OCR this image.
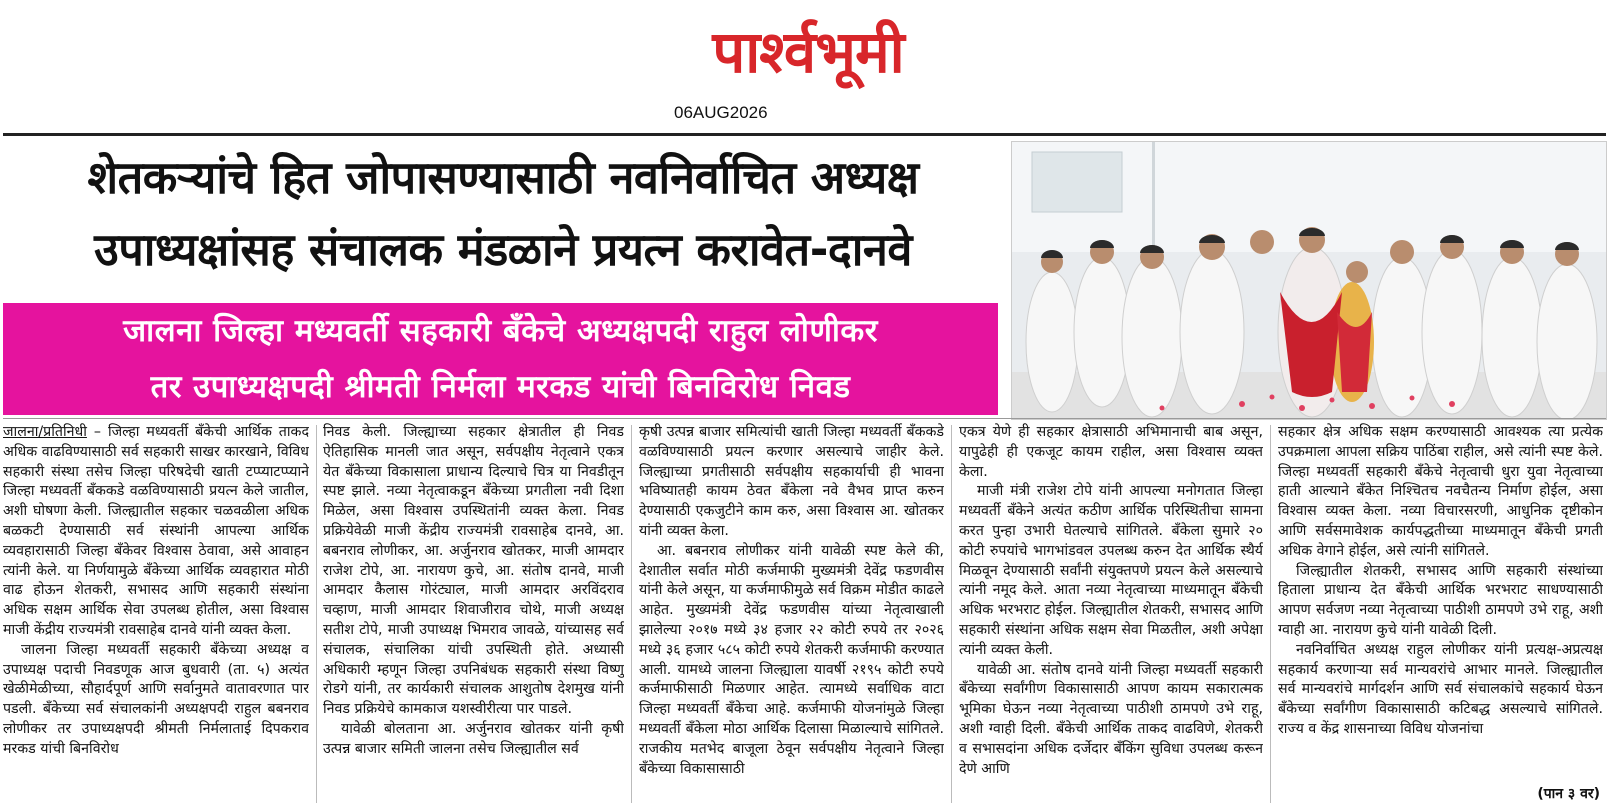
पार्श्वभूमी
06AUG2026
शेतकऱ्यांचे हित जोपासण्यासाठी नवनिर्वाचित अध्यक्ष
उपाध्यक्षांसह संचालक मंडळाने प्रयत्न करावेत-दानवे
जालना जिल्हा मध्यवर्ती सहकारी बँकेचे अध्यक्षपदी राहुल लोणीकर
तर उपाध्यक्षपदी श्रीमती निर्मला मरकड यांची बिनविरोध निवड

जालना/प्रतिनिधी – जिल्हा मध्यवर्ती बँकेची आर्थिक ताकद अधिक वाढविण्यासाठी सर्व सहकारी साखर कारखाने, विविध सहकारी संस्था तसेच जिल्हा परिषदेची खाती टप्प्याटप्प्याने जिल्हा मध्यवर्ती बँककडे वळविण्यासाठी प्रयत्न केले जातील, अशी घोषणा केली. जिल्ह्यातील सहकार चळवळीला अधिक बळकटी देण्यासाठी सर्व संस्थांनी आपल्या आर्थिक व्यवहारासाठी जिल्हा बँकेवर विश्वास ठेवावा, असे आवाहन त्यांनी केले. या निर्णयामुळे बँकेच्या आर्थिक व्यवहारात मोठी वाढ होऊन शेतकरी, सभासद आणि सहकारी संस्थांना अधिक सक्षम आर्थिक सेवा उपलब्ध होतील, असा विश्वास माजी केंद्रीय राज्यमंत्री रावसाहेब दानवे यांनी व्यक्त केला.

जालना जिल्हा मध्यवर्ती सहकारी बँकेच्या अध्यक्ष व उपाध्यक्ष पदाची निवडणूक आज बुधवारी (ता. ५) अत्यंत खेळीमेळीच्या, सौहार्दपूर्ण आणि सर्वानुमते वातावरणात पार पडली. बँकेच्या सर्व संचालकांनी अध्यक्षपदी राहुल बबनराव लोणीकर तर उपाध्यक्षपदी श्रीमती निर्मलाताई दिपकराव मरकड यांची बिनविरोध

निवड केली. जिल्ह्याच्या सहकार क्षेत्रातील ही निवड ऐतिहासिक मानली जात असून, सर्वपक्षीय नेतृत्वाने एकत्र येत बँकेच्या विकासाला प्राधान्य दिल्याचे चित्र या निवडीतून स्पष्ट झाले. नव्या नेतृत्वाकडून बँकेच्या प्रगतीला नवी दिशा मिळेल, असा विश्वास उपस्थितांनी व्यक्त केला. निवड प्रक्रियेवेळी माजी केंद्रीय राज्यमंत्री रावसाहेब दानवे, आ. बबनराव लोणीकर, आ. अर्जुनराव खोतकर, माजी आमदार राजेश टोपे, आ. नारायण कुचे, आ. संतोष दानवे, माजी आमदार कैलास गोरंट्याल, माजी आमदार अरविंदराव चव्हाण, माजी आमदार शिवाजीराव चोथे, माजी अध्यक्ष सतीश टोपे, माजी उपाध्यक्ष भिमराव जावळे, यांच्यासह सर्व संचालक, संचालिका यांची उपस्थिती होते. अध्यासी अधिकारी म्हणून जिल्हा उपनिबंधक सहकारी संस्था विष्णु रोडगे यांनी, तर कार्यकारी संचालक आशुतोष देशमुख यांनी निवड प्रक्रियेचे कामकाज यशस्वीरीत्या पार पाडले.

यावेळी बोलताना आ. अर्जुनराव खोतकर यांनी कृषी उत्पन्न बाजार समिती जालना तसेच जिल्ह्यातील सर्व

कृषी उत्पन्न बाजार समित्यांची खाती जिल्हा मध्यवर्ती बँककडे वळविण्यासाठी प्रयत्न करणार असल्याचे जाहीर केले. जिल्ह्याच्या प्रगतीसाठी सर्वपक्षीय सहकार्याची ही भावना भविष्यातही कायम ठेवत बँकेला नवे वैभव प्राप्त करुन देण्यासाठी एकजुटीने काम करु, असा विश्वास आ. खोतकर यांनी व्यक्त केला.

आ. बबनराव लोणीकर यांनी यावेळी स्पष्ट केले की, देशातील सर्वात मोठी कर्जमाफी मुख्यमंत्री देवेंद्र फडणवीस यांनी केले असून, या कर्जमाफीमुळे सर्व विक्रम मोडीत काढले आहेत. मुख्यमंत्री देवेंद्र फडणवीस यांच्या नेतृत्वाखाली झालेल्या २०१७ मध्ये ३४ हजार २२ कोटी रुपये तर २०२६ मध्ये ३६ हजार ५८५ कोटी रुपये शेतकरी कर्जमाफी करण्यात आली. यामध्ये जालना जिल्ह्याला यावर्षी २१९५ कोटी रुपये कर्जमाफीसाठी मिळणार आहेत. त्यामध्ये सर्वाधिक वाटा जिल्हा मध्यवर्ती बँकेचा आहे. कर्जमाफी योजनांमुळे जिल्हा मध्यवर्ती बँकेला मोठा आर्थिक दिलासा मिळाल्याचे सांगितले. राजकीय मतभेद बाजूला ठेवून सर्वपक्षीय नेतृत्वाने जिल्हा बँकेच्या विकासासाठी

एकत्र येणे ही सहकार क्षेत्रासाठी अभिमानाची बाब असून, यापुढेही ही एकजूट कायम राहील, असा विश्वास व्यक्त केला.

माजी मंत्री राजेश टोपे यांनी आपल्या मनोगतात जिल्हा मध्यवर्ती बँकेने अत्यंत कठीण आर्थिक परिस्थितीचा सामना करत पुन्हा उभारी घेतल्याचे सांगितले. बँकेला सुमारे २० कोटी रुपयांचे भागभांडवल उपलब्ध करुन देत आर्थिक स्थैर्य मिळवून देण्यासाठी सर्वांनी संयुक्तपणे प्रयत्न केले असल्याचे त्यांनी नमूद केले. आता नव्या नेतृत्वाच्या माध्यमातून बँकेची अधिक भरभराट होईल. जिल्ह्यातील शेतकरी, सभासद आणि सहकारी संस्थांना अधिक सक्षम सेवा मिळतील, अशी अपेक्षा त्यांनी व्यक्त केली.

यावेळी आ. संतोष दानवे यांनी जिल्हा मध्यवर्ती सहकारी बँकेच्या सर्वांगीण विकासासाठी आपण कायम सकारात्मक भूमिका घेऊन नव्या नेतृत्वाच्या पाठीशी ठामपणे उभे राहू, अशी ग्वाही दिली. बँकेची आर्थिक ताकद वाढविणे, शेतकरी व सभासदांना अधिक दर्जेदार बँकिंग सुविधा उपलब्ध करून देणे आणि

सहकार क्षेत्र अधिक सक्षम करण्यासाठी आवश्यक त्या प्रत्येक उपक्रमाला आपला सक्रिय पाठिंबा राहील, असे त्यांनी स्पष्ट केले. जिल्हा मध्यवर्ती सहकारी बँकेचे नेतृत्वाची धुरा युवा नेतृत्वाच्या हाती आल्याने बँकेत निश्चितच नवचैतन्य निर्माण होईल, असा विश्वास व्यक्त केला. नव्या विचारसरणी, आधुनिक दृष्टीकोन आणि सर्वसमावेशक कार्यपद्धतीच्या माध्यमातून बँकेची प्रगती अधिक वेगाने होईल, असे त्यांनी सांगितले.

जिल्ह्यातील शेतकरी, सभासद आणि सहकारी संस्थांच्या हिताला प्राधान्य देत बँकेची आर्थिक भरभराट साधण्यासाठी आपण सर्वजण नव्या नेतृत्वाच्या पाठीशी ठामपणे उभे राहू, अशी ग्वाही आ. नारायण कुचे यांनी यावेळी दिली.

नवनिर्वाचित अध्यक्ष राहुल लोणीकर यांनी प्रत्यक्ष-अप्रत्यक्ष सहकार्य करणाऱ्या सर्व मान्यवरांचे आभार मानले. जिल्ह्यातील सर्व मान्यवरांचे मार्गदर्शन आणि सर्व संचालकांचे सहकार्य घेऊन बँकेच्या सर्वांगीण विकासासाठी कटिबद्ध असल्याचे सांगितले. राज्य व केंद्र शासनाच्या विविध योजनांचा

(पान ३ वर)
